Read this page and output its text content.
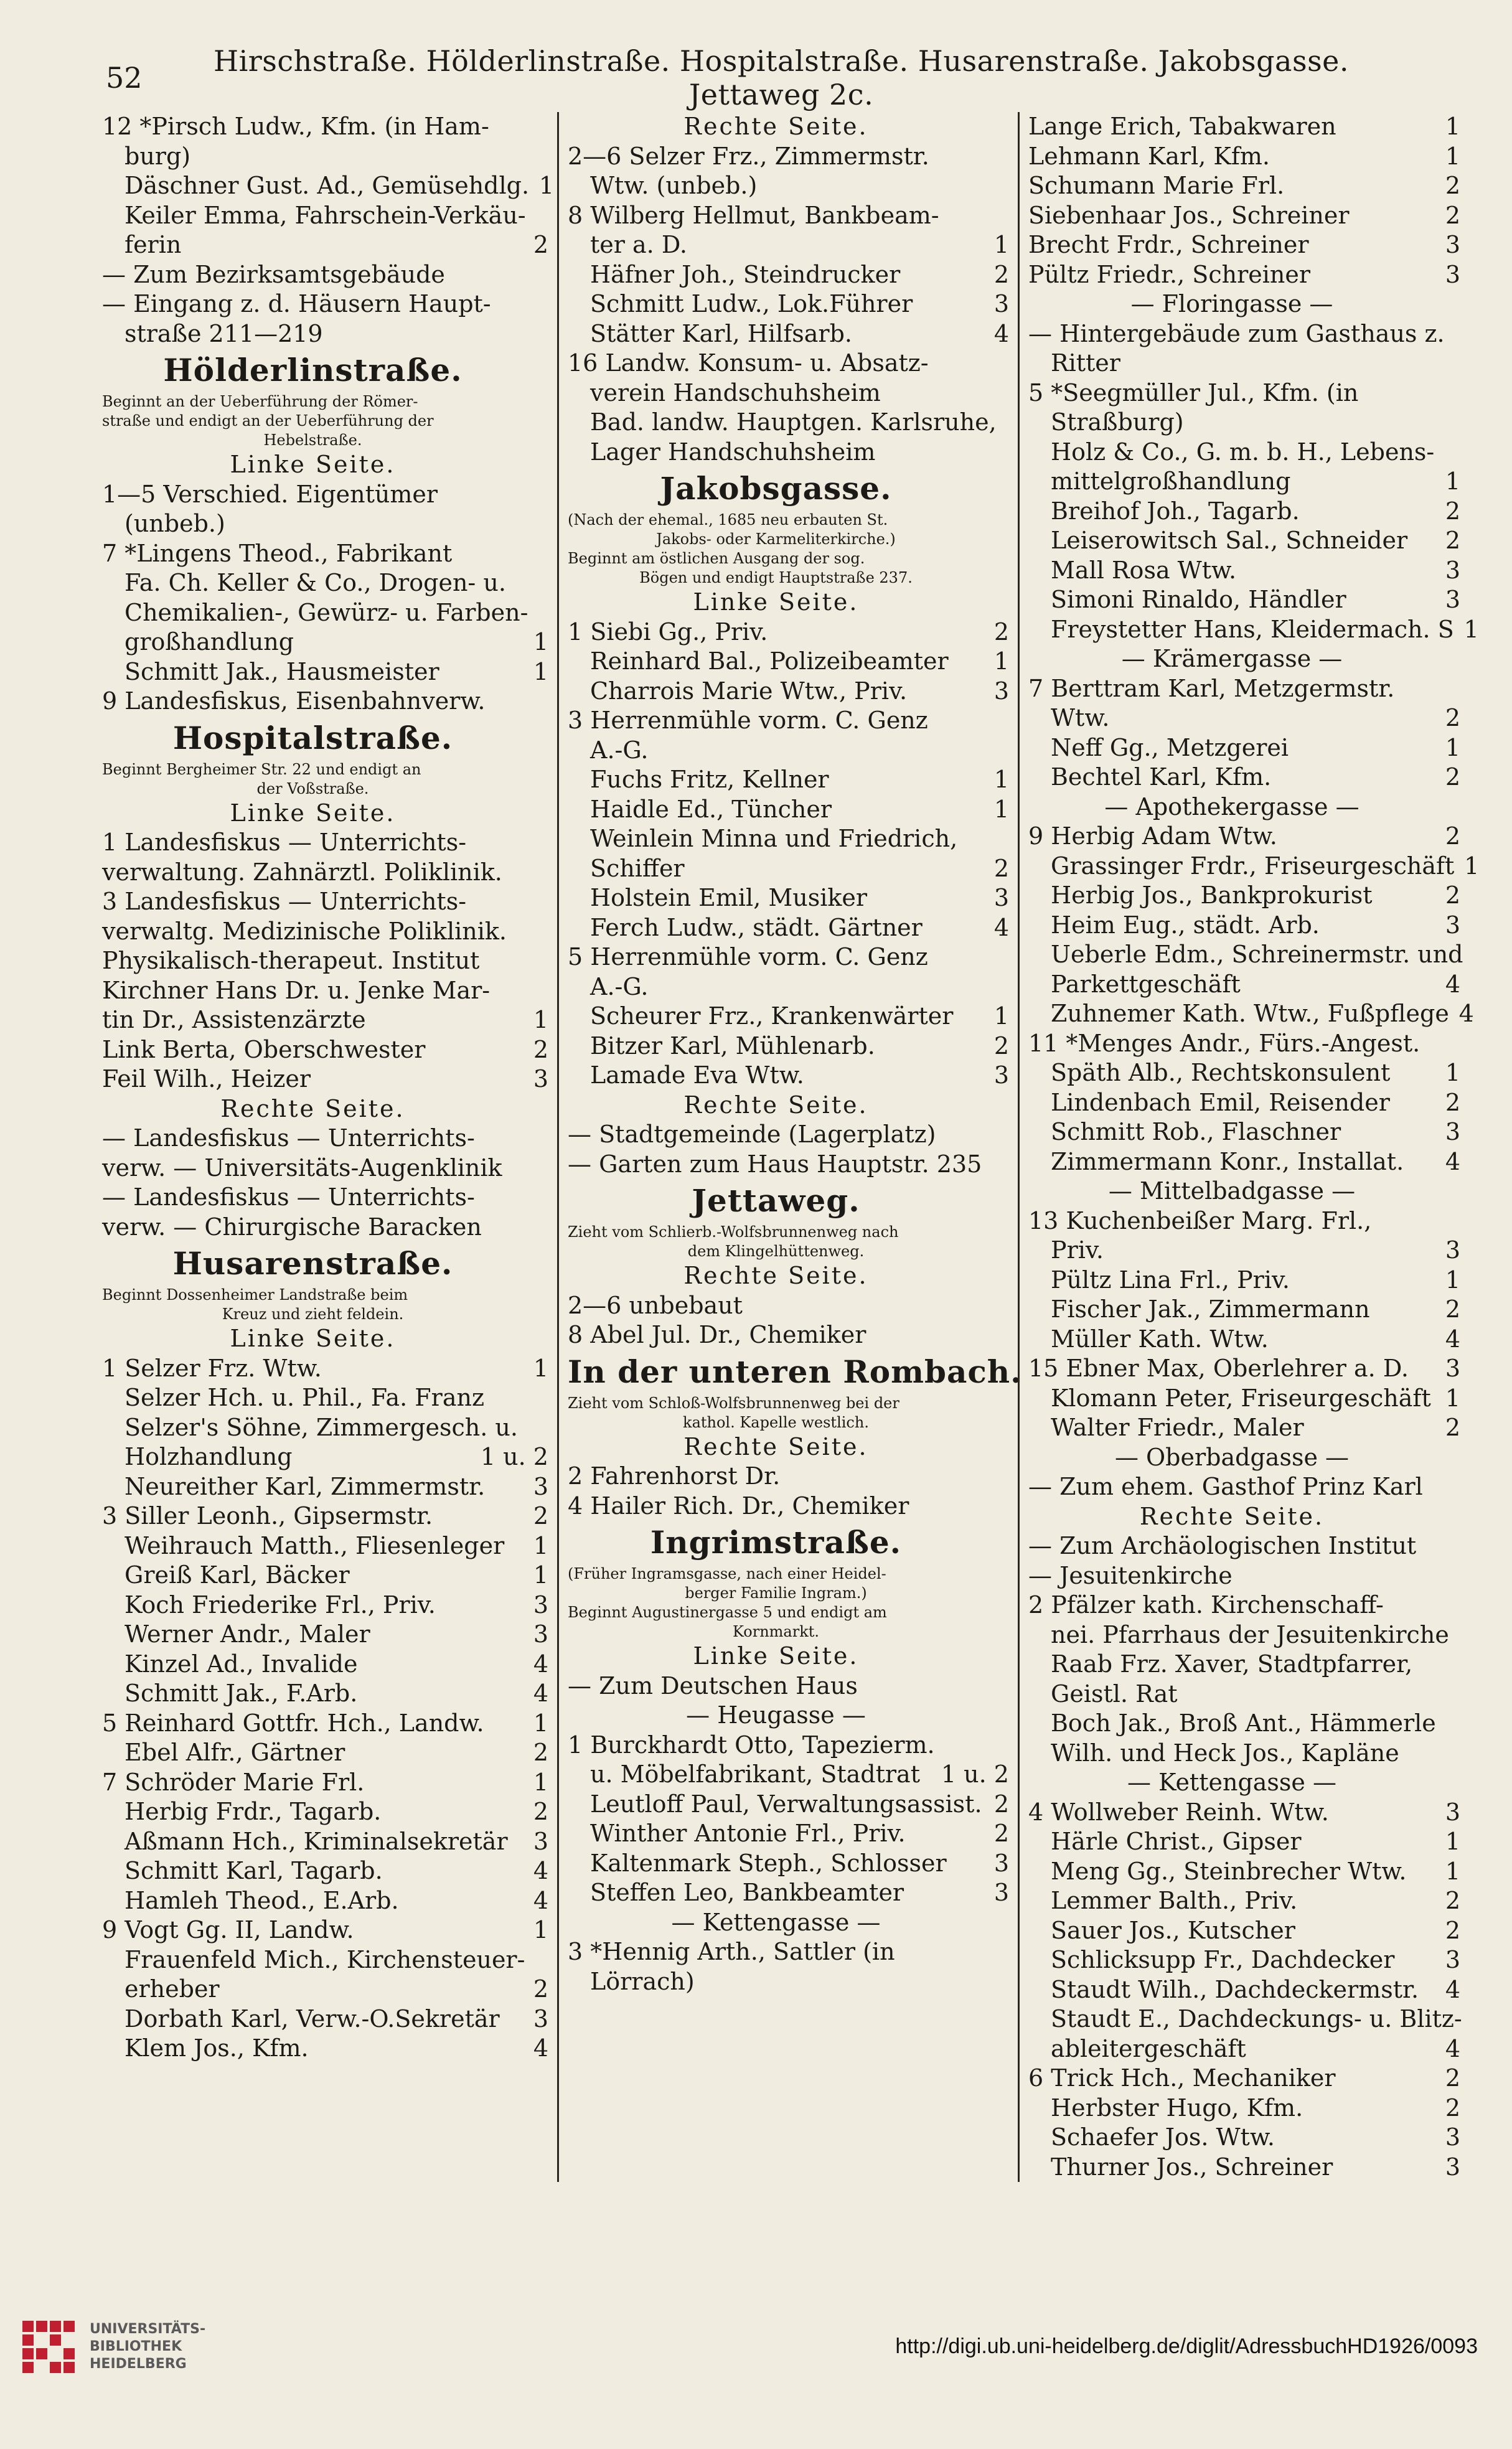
52	Hirschstraße. Hölderlinstraße. Hospitalstraße. Husarenstraße. Jakobsgasse. Jettaweg 2c.
12 *Pirsch Ludw., Kfm. (in Ham-
burg)
Däschner Gust. Ad., Gemüsehdlg. 1
Keiler Emma, Fahrschein-Verkäu-
ferin	2
— Zum Bezirksamtsgebäude
— Eingang z. d. Häusern Haupt-
straße 211—219
Hölderlinstraße.
Beginnt an der Ueberführung der Römer-
straße und endigt an der Ueberführung der
Hebelstraße.
Linke Seite.
1—5 Verschied. Eigentümer
(unbeb.)
7 *Lingens Theod., Fabrikant
Fa. Ch. Keller & Co., Drogen- u.
Chemikalien-, Gewürz- u. Farben-
großhandlung	1
Schmitt Jak., Hausmeister	1
9 Landesfiskus, Eisenbahnverw.
Hospitalstraße.
Beginnt Bergheimer Str. 22 und endigt an
der Voßstraße.
Linke Seite.
1 Landesfiskus — Unterrichts-
verwaltung. Zahnärztl. Poliklinik.
3 Landesfiskus — Unterrichts-
verwaltg. Medizinische Poliklinik.
Physikalisch-therapeut. Institut
Kirchner Hans Dr. u. Jenke Mar-
tin Dr., Assistenzärzte	1
Link Berta, Oberschwester	2
Feil Wilh., Heizer	3
Rechte Seite.
— Landesfiskus — Unterrichts-
verw. — Universitäts-Augenklinik
— Landesfiskus — Unterrichts-
verw. — Chirurgische Baracken
Husarenstraße.
Beginnt Dossenheimer Landstraße beim
Kreuz und zieht feldein.
Linke Seite.
1 Selzer Frz. Wtw.	1
Selzer Hch. u. Phil., Fa. Franz
Selzer's Söhne, Zimmergesch. u.
Holzhandlung	1 u. 2
Neureither Karl, Zimmermstr.	3
3 Siller Leonh., Gipsermstr.	2
Weihrauch Matth., Fliesenleger	1
Greiß Karl, Bäcker	1
Koch Friederike Frl., Priv.	3
Werner Andr., Maler	3
Kinzel Ad., Invalide	4
Schmitt Jak., F.Arb.	4
5 Reinhard Gottfr. Hch., Landw.	1
Ebel Alfr., Gärtner	2
7 Schröder Marie Frl.	1
Herbig Frdr., Tagarb.	2
Aßmann Hch., Kriminalsekretär	3
Schmitt Karl, Tagarb.	4
Hamleh Theod., E.Arb.	4
9 Vogt Gg. II, Landw.	1
Frauenfeld Mich., Kirchensteuer-
erheber	2
Dorbath Karl, Verw.-O.Sekretär	3
Klem Jos., Kfm.	4
Rechte Seite.
2—6 Selzer Frz., Zimmermstr.
Wtw. (unbeb.)
8 Wilberg Hellmut, Bankbeam-
ter a. D.	1
Häfner Joh., Steindrucker	2
Schmitt Ludw., Lok.Führer	3
Stätter Karl, Hilfsarb.	4
16 Landw. Konsum- u. Absatz-
verein Handschuhsheim
Bad. landw. Hauptgen. Karlsruhe,
Lager Handschuhsheim
Jakobsgasse.
(Nach der ehemal., 1685 neu erbauten St.
Jakobs- oder Karmeliterkirche.)
Beginnt am östlichen Ausgang der sog.
Bögen und endigt Hauptstraße 237.
Linke Seite.
1 Siebi Gg., Priv.	2
Reinhard Bal., Polizeibeamter	1
Charrois Marie Wtw., Priv.	3
3 Herrenmühle vorm. C. Genz
A.-G.
Fuchs Fritz, Kellner	1
Haidle Ed., Tüncher	1
Weinlein Minna und Friedrich,
Schiffer	2
Holstein Emil, Musiker	3
Ferch Ludw., städt. Gärtner	4
5 Herrenmühle vorm. C. Genz
A.-G.
Scheurer Frz., Krankenwärter	1
Bitzer Karl, Mühlenarb.	2
Lamade Eva Wtw.	3
Rechte Seite.
— Stadtgemeinde (Lagerplatz)
— Garten zum Haus Hauptstr. 235
Jettaweg.
Zieht vom Schlierb.-Wolfsbrunnenweg nach
dem Klingelhüttenweg.
Rechte Seite.
2—6 unbebaut
8 Abel Jul. Dr., Chemiker
In der unteren Rombach.
Zieht vom Schloß-Wolfsbrunnenweg bei der
kathol. Kapelle westlich.
Rechte Seite.
2 Fahrenhorst Dr.
4 Hailer Rich. Dr., Chemiker
Ingrimstraße.
(Früher Ingramsgasse, nach einer Heidel-
berger Familie Ingram.)
Beginnt Augustinergasse 5 und endigt am
Kornmarkt.
Linke Seite.
— Zum Deutschen Haus
— Heugasse —
1 Burckhardt Otto, Tapezierm.
u. Möbelfabrikant, Stadtrat 1 u. 2
Leutloff Paul, Verwaltungsassist. 2
Winther Antonie Frl., Priv.	2
Kaltenmark Steph., Schlosser	3
Steffen Leo, Bankbeamter	3
— Kettengasse —
3 *Hennig Arth., Sattler (in
Lörrach)
Lange Erich, Tabakwaren	1
Lehmann Karl, Kfm.	1
Schumann Marie Frl.	2
Siebenhaar Jos., Schreiner	2
Brecht Frdr., Schreiner	3
Pültz Friedr., Schreiner	3
— Floringasse —
— Hintergebäude zum Gasthaus z.
Ritter
5 *Seegmüller Jul., Kfm. (in
Straßburg)
Holz & Co., G. m. b. H., Lebens-
mittelgroßhandlung	1
Breihof Joh., Tagarb.	2
Leiserowitsch Sal., Schneider	2
Mall Rosa Wtw.	3
Simoni Rinaldo, Händler	3
Freystetter Hans, Kleidermach. S 1
— Krämergasse —
7 Berttram Karl, Metzgermstr.
Wtw.	2
Neff Gg., Metzgerei	1
Bechtel Karl, Kfm.	2
— Apothekergasse —
9 Herbig Adam Wtw.	2
Grassinger Frdr., Friseurgeschäft 1
Herbig Jos., Bankprokurist	2
Heim Eug., städt. Arb.	3
Ueberle Edm., Schreinermstr. und
Parkettgeschäft	4
Zuhnemer Kath. Wtw., Fußpflege 4
11 *Menges Andr., Fürs.-Angest.
Späth Alb., Rechtskonsulent	1
Lindenbach Emil, Reisender	2
Schmitt Rob., Flaschner	3
Zimmermann Konr., Installat.	4
— Mittelbadgasse —
13 Kuchenbeißer Marg. Frl.,
Priv.	3
Pültz Lina Frl., Priv.	1
Fischer Jak., Zimmermann	2
Müller Kath. Wtw.	4
15 Ebner Max, Oberlehrer a. D.	3
Klomann Peter, Friseurgeschäft 1
Walter Friedr., Maler	2
— Oberbadgasse —
— Zum ehem. Gasthof Prinz Karl
Rechte Seite.
— Zum Archäologischen Institut
— Jesuitenkirche
2 Pfälzer kath. Kirchenschaff-
nei. Pfarrhaus der Jesuitenkirche
Raab Frz. Xaver, Stadtpfarrer,
Geistl. Rat
Boch Jak., Broß Ant., Hämmerle
Wilh. und Heck Jos., Kapläne
— Kettengasse —
4 Wollweber Reinh. Wtw.	3
Härle Christ., Gipser	1
Meng Gg., Steinbrecher Wtw.	1
Lemmer Balth., Priv.	2
Sauer Jos., Kutscher	2
Schlicksupp Fr., Dachdecker	3
Staudt Wilh., Dachdeckermstr.	4
Staudt E., Dachdeckungs- u. Blitz-
ableitergeschäft	4
6 Trick Hch., Mechaniker	2
Herbster Hugo, Kfm.	2
Schaefer Jos. Wtw.	3
Thurner Jos., Schreiner	3
UNIVERSITÄTS-
BIBLIOTHEK
HEIDELBERG
http://digi.ub.uni-heidelberg.de/diglit/AdressbuchHD1926/0093
